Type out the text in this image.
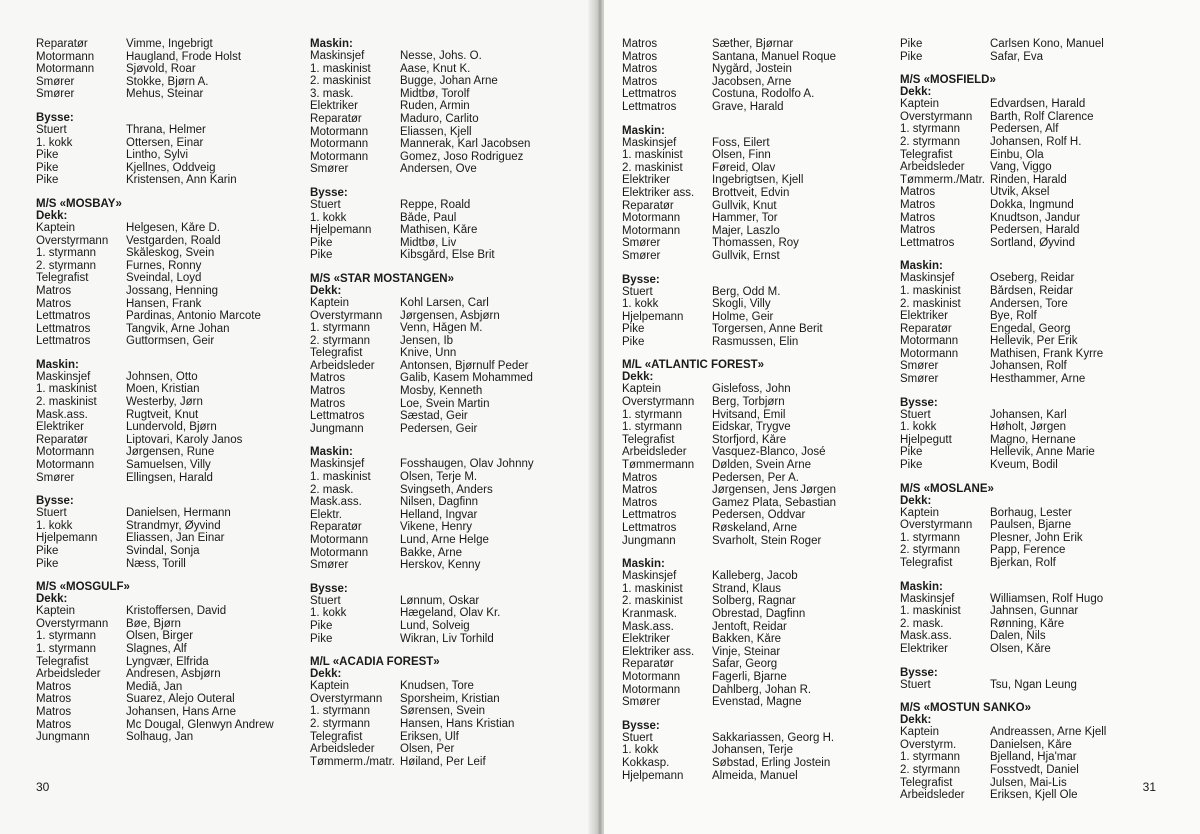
Reparatør	Vimme, Ingebrigt
Motormann	Haugland, Frode Holst
Motormann	Sjøvold, Roar
Smører	Stokke, Bjørn A.
Smører	Mehus, Steinar
Bysse:
Stuert	Thrana, Helmer
1. kokk	Ottersen, Einar
Pike	Lintho, Sylvi
Pike	Kjellnes, Oddveig
Pike	Kristensen, Ann Karin
M/S «MOSBAY»
Dekk:
Kaptein	Helgesen, Kåre D.
Overstyrmann	Vestgarden, Roald
1. styrmann	Skåleskog, Svein
2. styrmann	Furnes, Ronny
Telegrafist	Sveindal, Loyd
Matros	Jossang, Henning
Matros	Hansen, Frank
Lettmatros	Pardinas, Antonio Marcote
Lettmatros	Tangvik, Arne Johan
Lettmatros	Guttormsen, Geir
Maskin:
Maskinsjef	Johnsen, Otto
1. maskinist	Moen, Kristian
2. maskinist	Westerby, Jørn
Mask.ass.	Rugtveit, Knut
Elektriker	Lundervold, Bjørn
Reparatør	Liptovari, Karoly Janos
Motormann	Jørgensen, Rune
Motormann	Samuelsen, Villy
Smører	Ellingsen, Harald
Bysse:
Stuert	Danielsen, Hermann
1. kokk	Strandmyr, Øyvind
Hjelpemann	Eliassen, Jan Einar
Pike	Svindal, Sonja
Pike	Næss, Torill
M/S «MOSGULF»
Dekk:
Kaptein	Kristoffersen, David
Overstyrmann	Bøe, Bjørn
1. styrmann	Olsen, Birger
1. styrmann	Slagnes, Alf
Telegrafist	Lyngvær, Elfrida
Arbeidsleder	Andresen, Asbjørn
Matros	Mediå, Jan
Matros	Suarez, Alejo Outeral
Matros	Johansen, Hans Arne
Matros	Mc Dougal, Glenwyn Andrew
Jungmann	Solhaug, Jan
Maskin:
Maskinsjef	Nesse, Johs. O.
1. maskinist	Aase, Knut K.
2. maskinist	Bugge, Johan Arne
3. mask.	Midtbø, Torolf
Elektriker	Ruden, Armin
Reparatør	Maduro, Carlito
Motormann	Eliassen, Kjell
Motormann	Mannerak, Karl Jacobsen
Motormann	Gomez, Joso Rodriguez
Smører	Andersen, Ove
Bysse:
Stuert	Reppe, Roald
1. kokk	Både, Paul
Hjelpemann	Mathisen, Kåre
Pike	Midtbø, Liv
Pike	Kibsgård, Else Brit
M/S «STAR MOSTANGEN»
Dekk:
Kaptein	Kohl Larsen, Carl
Overstyrmann	Jørgensen, Asbjørn
1. styrmann	Venn, Hågen M.
2. styrmann	Jensen, Ib
Telegrafist	Knive, Unn
Arbeidsleder	Antonsen, Bjørnulf Peder
Matros	Galib, Kasem Mohammed
Matros	Mosby, Kenneth
Matros	Loe, Svein Martin
Lettmatros	Sæstad, Geir
Jungmann	Pedersen, Geir
Maskin:
Maskinsjef	Fosshaugen, Olav Johnny
1. maskinist	Olsen, Terje M.
2. mask.	Svingseth, Anders
Mask.ass.	Nilsen, Dagfinn
Elektr.	Helland, Ingvar
Reparatør	Vikene, Henry
Motormann	Lund, Arne Helge
Motormann	Bakke, Arne
Smører	Herskov, Kenny
Bysse:
Stuert	Lønnum, Oskar
1. kokk	Hægeland, Olav Kr.
Pike	Lund, Solveig
Pike	Wikran, Liv Torhild
M/L «ACADIA FOREST»
Dekk:
Kaptein	Knudsen, Tore
Overstyrmann	Sporsheim, Kristian
1. styrmann	Sørensen, Svein
2. styrmann	Hansen, Hans Kristian
Telegrafist	Eriksen, Ulf
Arbeidsleder	Olsen, Per
Tømmerm./matr. Høiland, Per Leif
30
Matros	Sæther, Bjørnar
Matros	Santana, Manuel Roque
Matros	Nygård, Jostein
Matros	Jacobsen, Arne
Lettmatros	Costuna, Rodolfo A.
Lettmatros	Grave, Harald
Maskin:
Maskinsjef	Foss, Eilert
1. maskinist	Olsen, Finn
2. maskinist	Føreid, Olav
Elektriker	Ingebrigtsen, Kjell
Elektriker ass.	Brottveit, Edvin
Reparatør	Gullvik, Knut
Motormann	Hammer, Tor
Motormann	Majer, Laszlo
Smører	Thomassen, Roy
Smører	Gullvik, Ernst
Bysse:
Stuert	Berg, Odd M.
1. kokk	Skogli, Villy
Hjelpemann	Holme, Geir
Pike	Torgersen, Anne Berit
Pike	Rasmussen, Elin
M/L «ATLANTIC FOREST»
Dekk:
Kaptein	Gislefoss, John
Overstyrmann	Berg, Torbjørn
1. styrmann	Hvitsand, Emil
1. styrmann	Eidskar, Trygve
Telegrafist	Storfjord, Kåre
Arbeidsleder	Vasquez-Blanco, José
Tømmermann	Dølden, Svein Arne
Matros	Pedersen, Per A.
Matros	Jørgensen, Jens Jørgen
Matros	Gamez Plata, Sebastian
Lettmatros	Pedersen, Oddvar
Lettmatros	Røskeland, Arne
Jungmann	Svarholt, Stein Roger
Maskin:
Maskinsjef	Kalleberg, Jacob
1. maskinist	Strand, Klaus
2. maskinist	Solberg, Ragnar
Kranmask.	Obrestad, Dagfinn
Mask.ass.	Jentoft, Reidar
Elektriker	Bakken, Kåre
Elektriker ass.	Vinje, Steinar
Reparatør	Safar, Georg
Motormann	Fagerli, Bjarne
Motormann	Dahlberg, Johan R.
Smører	Evenstad, Magne
Bysse:
Stuert	Sakkariassen, Georg H.
1. kokk	Johansen, Terje
Kokkasp.	Søbstad, Erling Jostein
Hjelpemann	Almeida, Manuel
Pike	Carlsen Kono, Manuel
Pike	Safar, Eva
M/S «MOSFIELD»
Dekk:
Kaptein	Edvardsen, Harald
Overstyrmann	Barth, Rolf Clarence
1. styrmann	Pedersen, Alf
2. styrmann	Johansen, Rolf H.
Telegrafist	Einbu, Ola
Arbeidsleder	Vang, Viggo
Tømmerm./Matr. Rinden, Harald
Matros	Utvik, Aksel
Matros	Dokka, Ingmund
Matros	Knudtson, Jandur
Matros	Pedersen, Harald
Lettmatros	Sortland, Øyvind
Maskin:
Maskinsjef	Oseberg, Reidar
1. maskinist	Bårdsen, Reidar
2. maskinist	Andersen, Tore
Elektriker	Bye, Rolf
Reparatør	Engedal, Georg
Motormann	Hellevik, Per Erik
Motormann	Mathisen, Frank Kyrre
Smører	Johansen, Rolf
Smører	Hesthammer, Arne
Bysse:
Stuert	Johansen, Karl
1. kokk	Høholt, Jørgen
Hjelpegutt	Magno, Hernane
Pike	Hellevik, Anne Marie
Pike	Kveum, Bodil
M/S «MOSLANE»
Dekk:
Kaptein	Borhaug, Lester
Overstyrmann	Paulsen, Bjarne
1. styrmann	Plesner, John Erik
2. styrmann	Papp, Ference
Telegrafist	Bjerkan, Rolf
Maskin:
Maskinsjef	Williamsen, Rolf Hugo
1. maskinist	Jahnsen, Gunnar
2. mask.	Rønning, Kåre
Mask.ass.	Dalen, Nils
Elektriker	Olsen, Kåre
Bysse:
Stuert	Tsu, Ngan Leung
M/S «MOSTUN SANKO»
Dekk:
Kaptein	Andreassen, Arne Kjell
Overstyrm.	Danielsen, Kåre
1. styrmann	Bjelland, Hja'mar
2. styrmann	Fosstvedt, Daniel
Telegrafist	Julsen, Mai-Lis
Arbeidsleder	Eriksen, Kjell Ole
31
